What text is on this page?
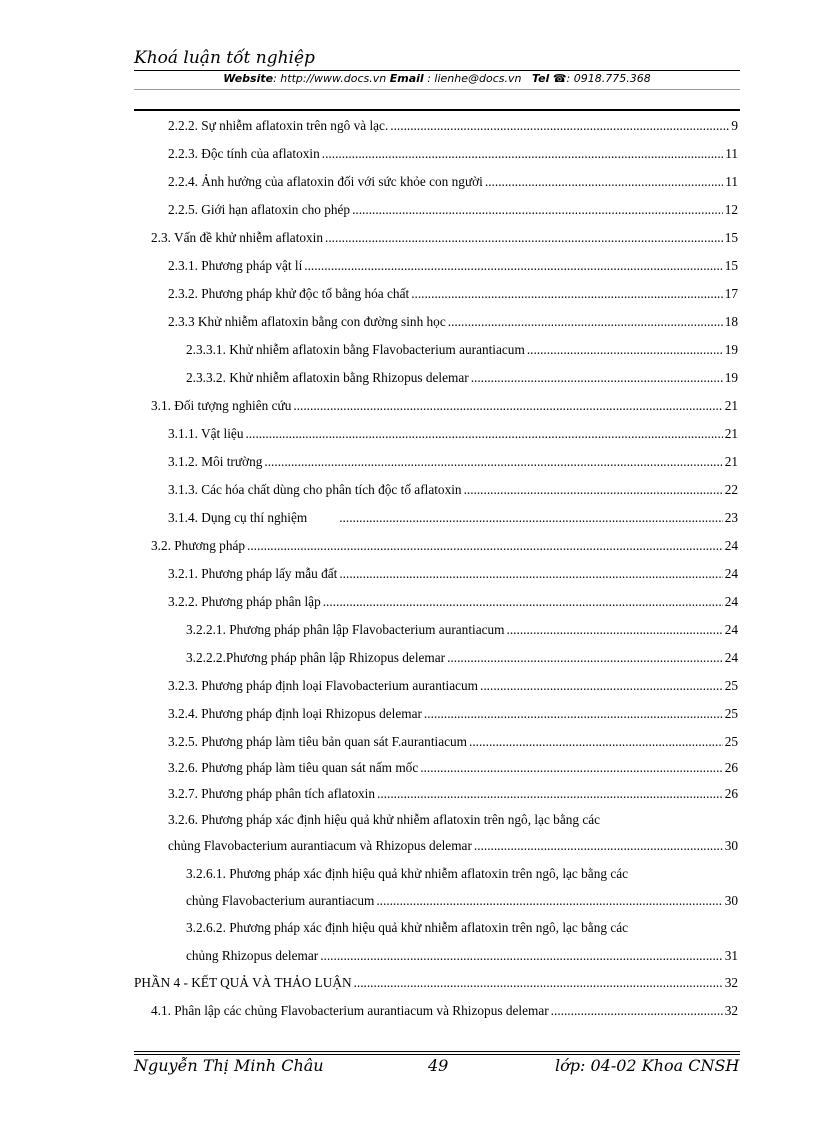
Khoá luận tốt nghiệp
Website: http://www.docs.vn Email : lienhe@docs.vn Tel ☎: 0918.775.368
2.2.2. Sự nhiễm aflatoxin trên ngô và lạc. .....	9
2.2.3. Độc tính của aflatoxin .....	11
2.2.4. Ảnh hưởng của aflatoxin đối với sức khỏe con người .....	11
2.2.5. Giới hạn aflatoxin cho phép .....	12
2.3. Vấn đề khử nhiễm aflatoxin .....	15
2.3.1. Phương pháp vật lí .....	15
2.3.2. Phương pháp khử độc tố bằng hóa chất .....	17
2.3.3 Khử nhiễm aflatoxin bằng con đường sinh học .....	18
2.3.3.1. Khử nhiễm aflatoxin bằng Flavobacterium aurantiacum .....	19
2.3.3.2. Khử nhiễm aflatoxin bằng Rhizopus delemar .....	19
3.1. Đối tượng nghiên cứu .....	21
3.1.1. Vật liệu .....	21
3.1.2. Môi trường .....	21
3.1.3. Các hóa chất dùng cho phân tích độc tố aflatoxin .....	22
3.1.4. Dụng cụ thí nghiệm .....	23
3.2. Phương pháp .....	24
3.2.1. Phương pháp lấy mẫu đất .....	24
3.2.2. Phương pháp phân lập .....	24
3.2.2.1. Phương pháp phân lập Flavobacterium aurantiacum .....	24
3.2.2.2.Phương pháp phân lập Rhizopus delemar .....	24
3.2.3. Phương pháp định loại Flavobacterium aurantiacum .....	25
3.2.4. Phương pháp định loại Rhizopus delemar .....	25
3.2.5. Phương pháp làm tiêu bản quan sát F.aurantiacum .....	25
3.2.6. Phương pháp làm tiêu quan sát nấm mốc .....	26
3.2.7. Phương pháp phân tích aflatoxin .....	26
3.2.6. Phương pháp xác định hiệu quả khử nhiễm aflatoxin trên ngô, lạc bằng các
chủng Flavobacterium aurantiacum và Rhizopus delemar .....	30
3.2.6.1. Phương pháp xác định hiệu quả khử nhiễm aflatoxin trên ngô, lạc bằng các
chủng Flavobacterium aurantiacum .....	30
3.2.6.2. Phương pháp xác định hiệu quả khử nhiễm aflatoxin trên ngô, lạc bằng các
chủng Rhizopus delemar .....	31
PHẦN 4 - KẾT QUẢ VÀ THẢO LUẬN .....	32
4.1. Phân lập các chủng Flavobacterium aurantiacum và Rhizopus delemar .....	32
Nguyễn Thị Minh Châu	49	lớp: 04-02 Khoa CNSH
